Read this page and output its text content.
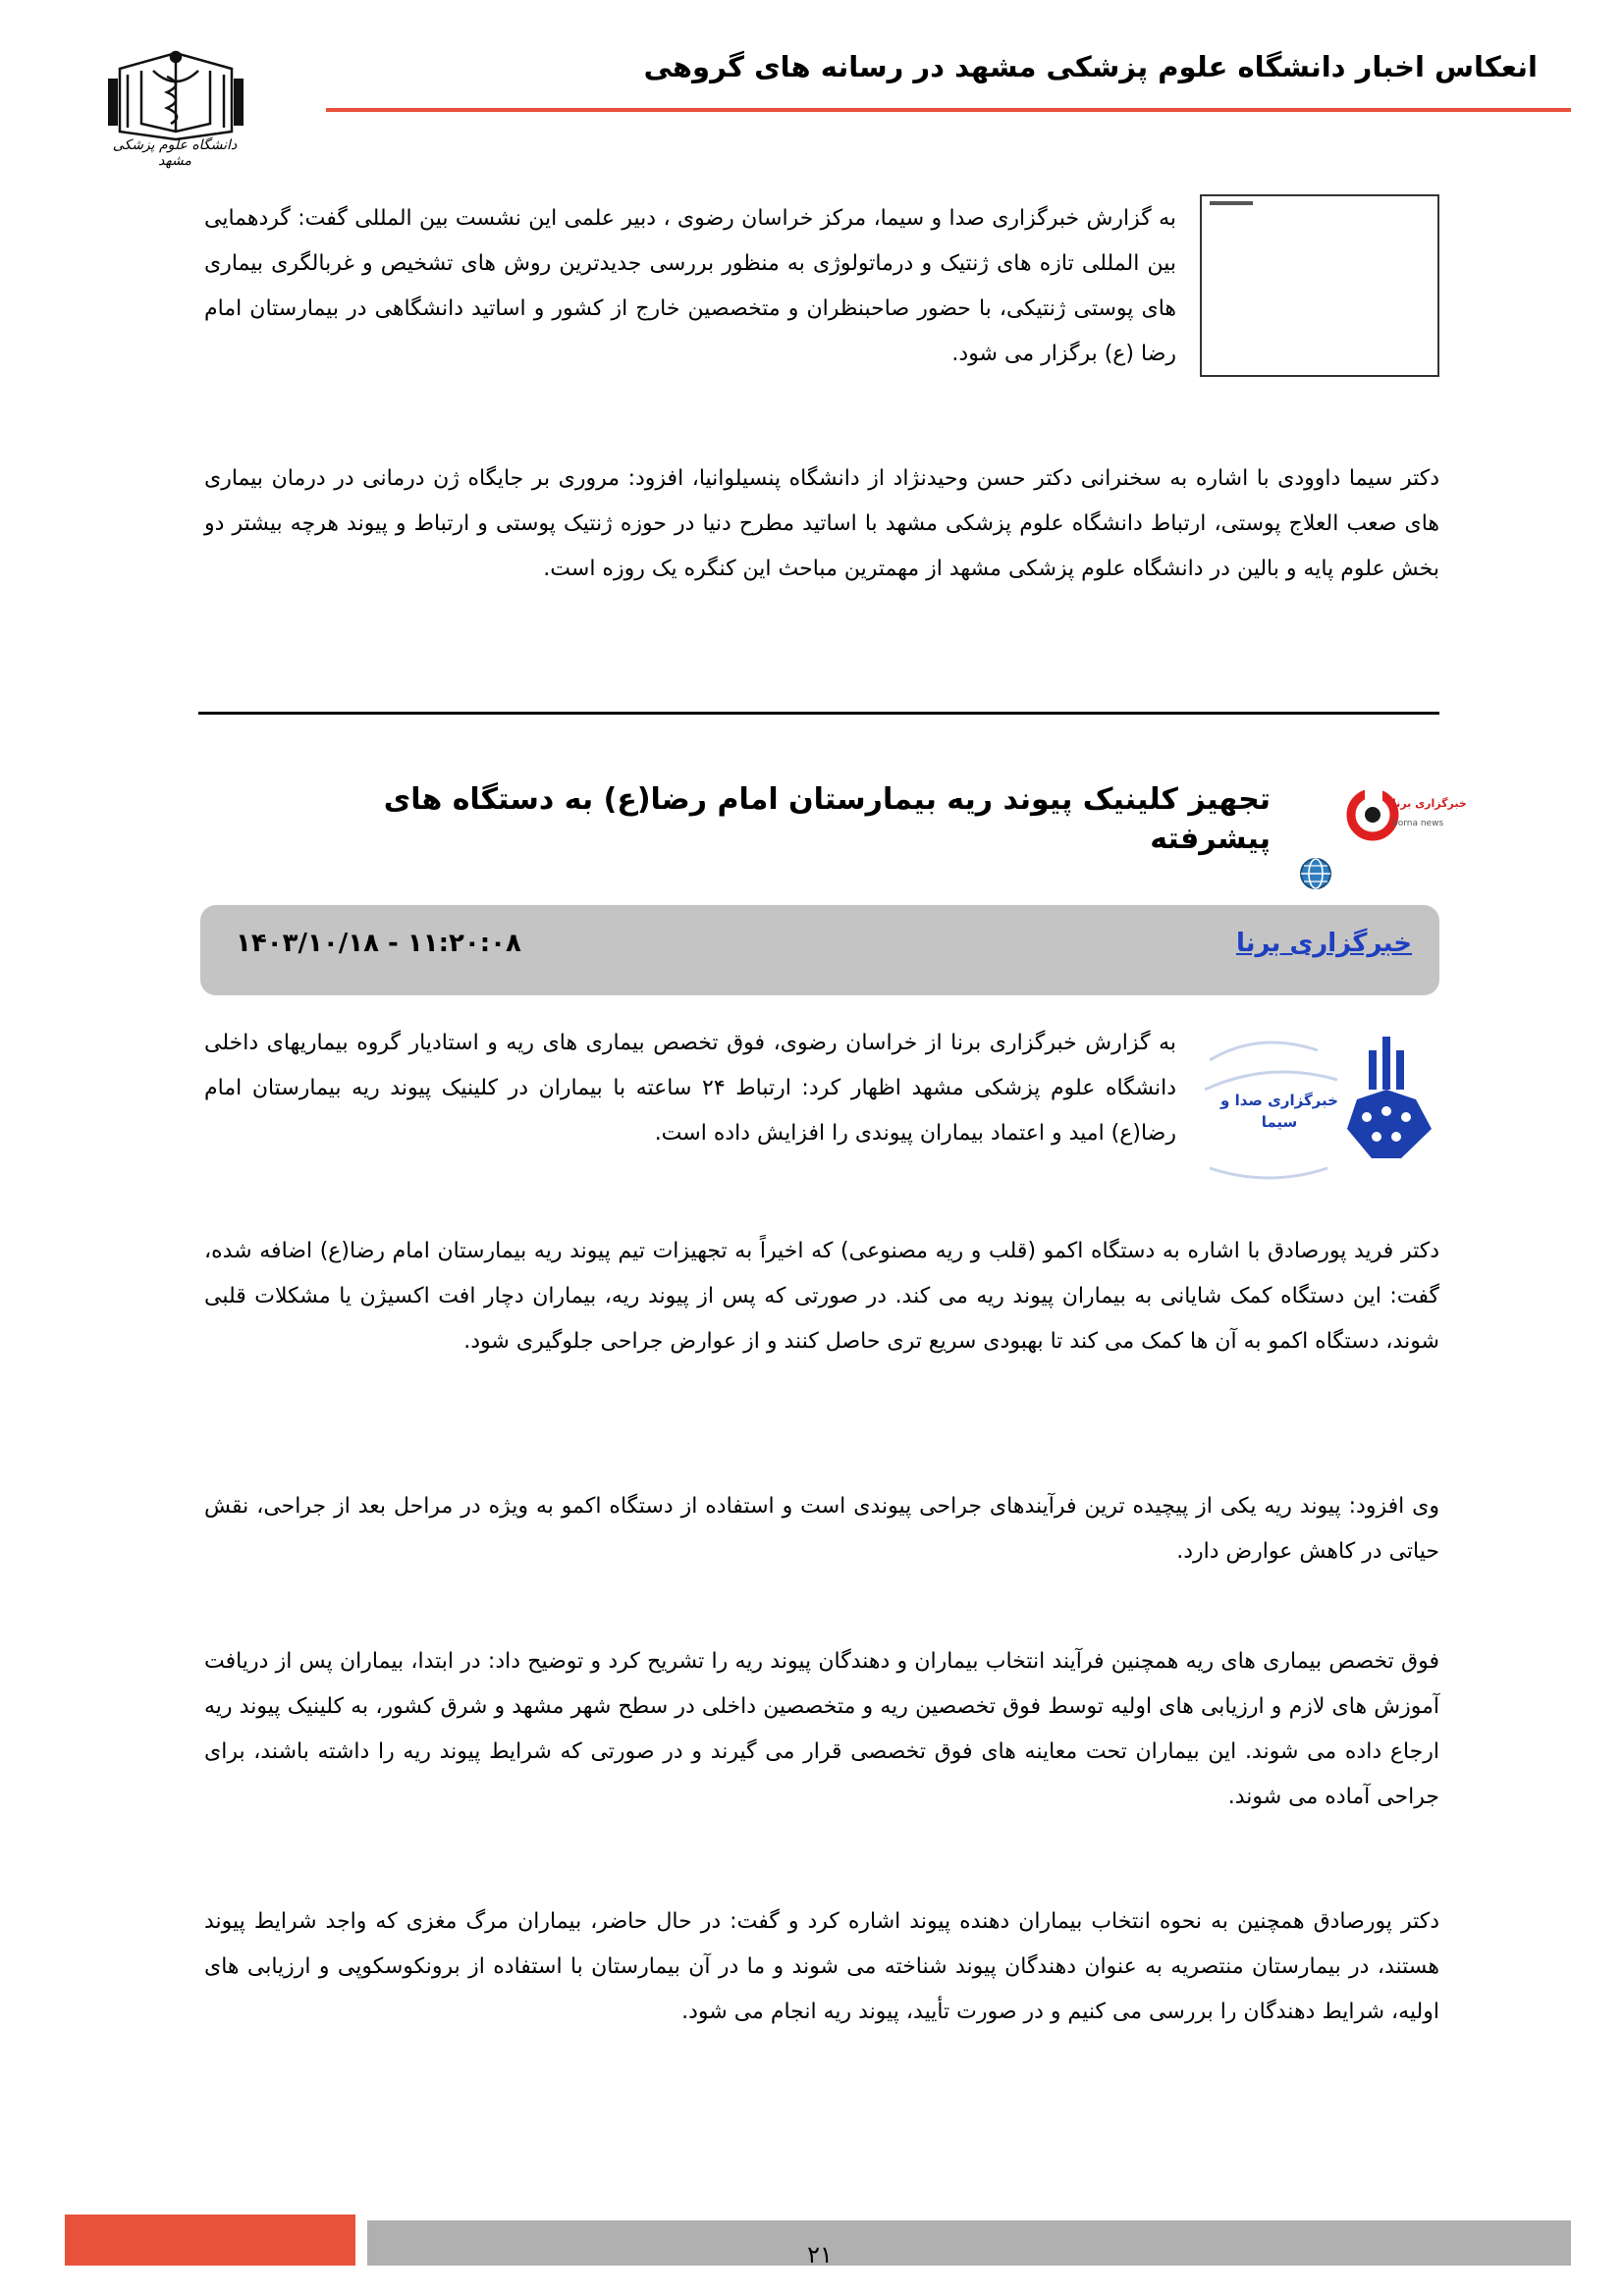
انعکاس اخبار دانشگاه علوم پزشکی مشهد در رسانه های گروهی
دانشگاه علوم پزشکی مشهد
به گزارش خبرگزاری صدا و سیما، مرکز خراسان رضوی ، دبیر علمی این نشست بین المللی گفت: گردهمایی بین المللی تازه های ژنتیک و درماتولوژی به منظور بررسی جدیدترین روش های تشخیص و غربالگری بیماری های پوستی ژنتیکی، با حضور صاحبنظران و متخصصین خارج از کشور و اساتید دانشگاهی در بیمارستان امام رضا (ع) برگزار می شود.
دکتر سیما داوودی با اشاره به سخنرانی دکتر حسن وحیدنژاد از دانشگاه پنسیلوانیا، افزود: مروری بر جایگاه ژن درمانی در درمان بیماری های صعب العلاج پوستی، ارتباط دانشگاه علوم پزشکی مشهد با اساتید مطرح دنیا در حوزه ژنتیک پوستی و ارتباط و پیوند هرچه بیشتر دو بخش علوم پایه و بالین در دانشگاه علوم پزشکی مشهد از مهمترین مباحث این کنگره یک روزه است.
تجهیز کلینیک پیوند ریه بیمارستان امام رضا(ع) به دستگاه های پیشرفته
خبرگزاری برنا
borna news
خبرگزاری برنا
۱۴۰۳/۱۰/۱۸ - ۱۱:۲۰:۰۸
خبرگزاری صدا و سیما
به گزارش خبرگزاری برنا از خراسان رضوی، فوق تخصص بیماری های ریه و استادیار گروه بیماریهای داخلی دانشگاه علوم پزشکی مشهد اظهار کرد: ارتباط ۲۴ ساعته با بیماران در کلینیک پیوند ریه بیمارستان امام رضا(ع) امید و اعتماد بیماران پیوندی را افزایش داده است.
دکتر فرید پورصادق با اشاره به دستگاه اکمو (قلب و ریه مصنوعی) که اخیراً به تجهیزات تیم پیوند ریه بیمارستان امام رضا(ع) اضافه شده، گفت: این دستگاه کمک شایانی به بیماران پیوند ریه می کند. در صورتی که پس از پیوند ریه، بیماران دچار افت اکسیژن یا مشکلات قلبی شوند، دستگاه اکمو به آن ها کمک می کند تا بهبودی سریع تری حاصل کنند و از عوارض جراحی جلوگیری شود.
وی افزود: پیوند ریه یکی از پیچیده ترین فرآیندهای جراحی پیوندی است و استفاده از دستگاه اکمو به ویژه در مراحل بعد از جراحی، نقش حیاتی در کاهش عوارض دارد.
فوق تخصص بیماری های ریه همچنین فرآیند انتخاب بیماران و دهندگان پیوند ریه را تشریح کرد و توضیح داد: در ابتدا، بیماران پس از دریافت آموزش های لازم و ارزیابی های اولیه توسط فوق تخصصین ریه و متخصصین داخلی در سطح شهر مشهد و شرق کشور، به کلینیک پیوند ریه ارجاع داده می شوند. این بیماران تحت معاینه های فوق تخصصی قرار می گیرند و در صورتی که شرایط پیوند ریه را داشته باشند، برای جراحی آماده می شوند.
دکتر پورصادق همچنین به نحوه انتخاب بیماران دهنده پیوند اشاره کرد و گفت: در حال حاضر، بیماران مرگ مغزی که واجد شرایط پیوند هستند، در بیمارستان منتصریه به عنوان دهندگان پیوند شناخته می شوند و ما در آن بیمارستان با استفاده از برونکوسکوپی و ارزیابی های اولیه، شرایط دهندگان را بررسی می کنیم و در صورت تأیید، پیوند ریه انجام می شود.
۲۱
